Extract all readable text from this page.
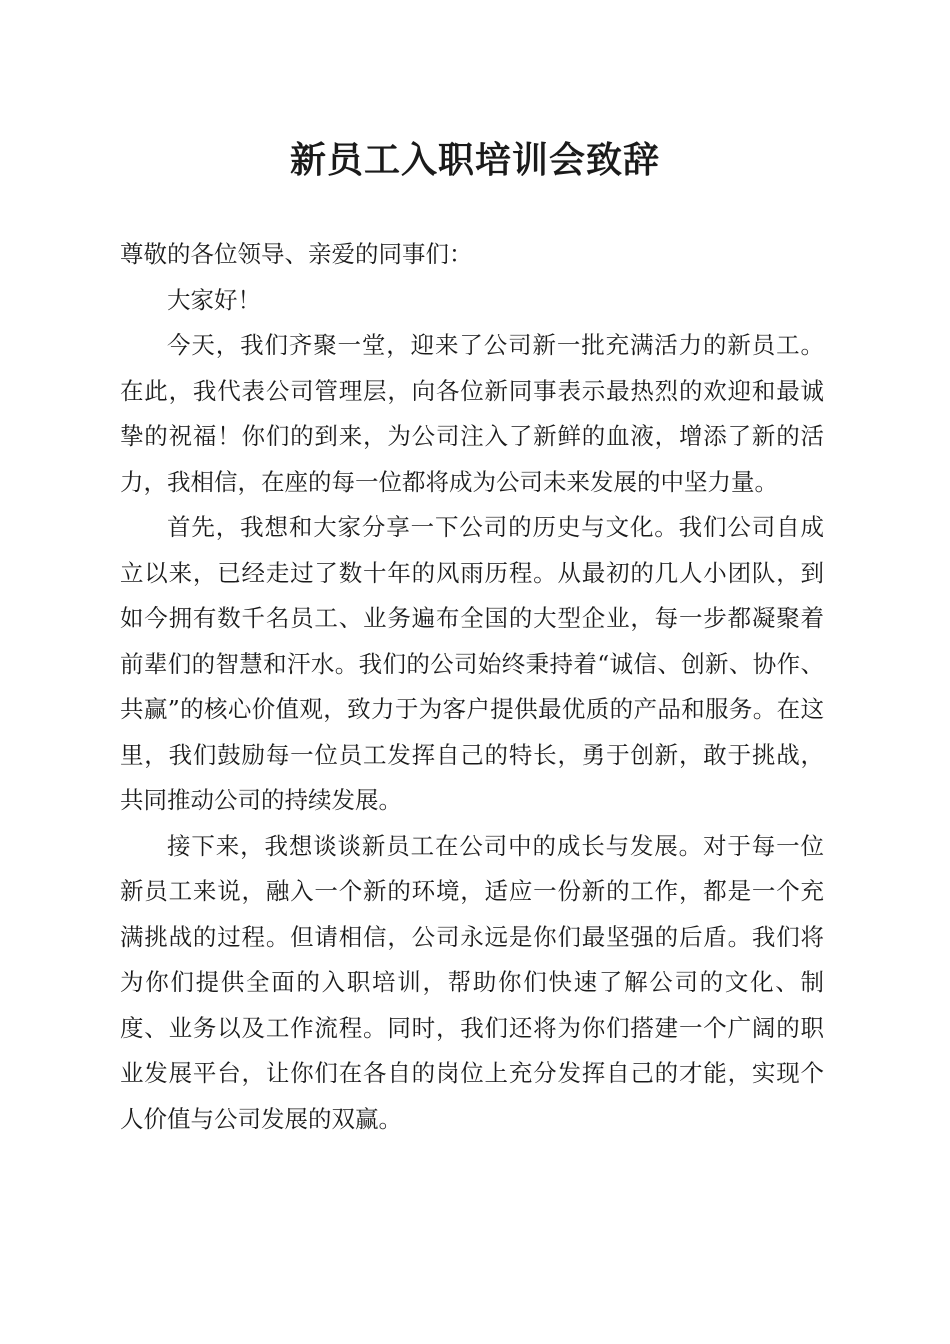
新员工入职培训会致辞

尊敬的各位领导、亲爱的同事们：

大家好！

今天，我们齐聚一堂，迎来了公司新一批充满活力的新员工。在此，我代表公司管理层，向各位新同事表示最热烈的欢迎和最诚挚的祝福！你们的到来，为公司注入了新鲜的血液，增添了新的活力，我相信，在座的每一位都将成为公司未来发展的中坚力量。

首先，我想和大家分享一下公司的历史与文化。我们公司自成立以来，已经走过了数十年的风雨历程。从最初的几人小团队，到如今拥有数千名员工、业务遍布全国的大型企业，每一步都凝聚着前辈们的智慧和汗水。我们的公司始终秉持着“诚信、创新、协作、共赢”的核心价值观，致力于为客户提供最优质的产品和服务。在这里，我们鼓励每一位员工发挥自己的特长，勇于创新，敢于挑战，共同推动公司的持续发展。

接下来，我想谈谈新员工在公司中的成长与发展。对于每一位新员工来说，融入一个新的环境，适应一份新的工作，都是一个充满挑战的过程。但请相信，公司永远是你们最坚强的后盾。我们将为你们提供全面的入职培训，帮助你们快速了解公司的文化、制度、业务以及工作流程。同时，我们还将为你们搭建一个广阔的职业发展平台，让你们在各自的岗位上充分发挥自己的才能，实现个人价值与公司发展的双赢。
